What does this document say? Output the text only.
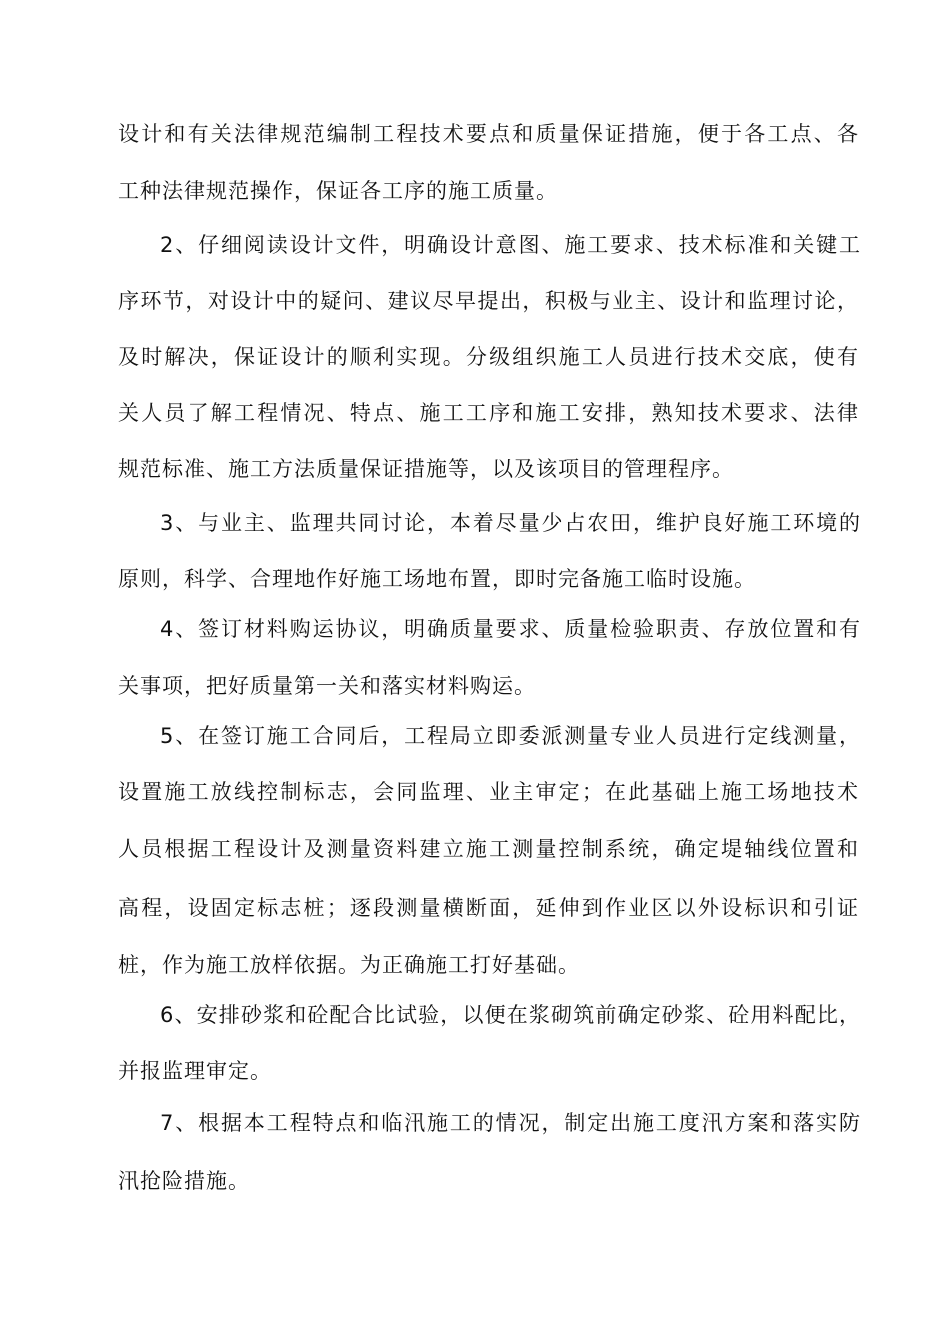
设计和有关法律规范编制工程技术要点和质量保证措施，便于各工点、各
工种法律规范操作，保证各工序的施工质量。
2、仔细阅读设计文件，明确设计意图、施工要求、技术标准和关键工
序环节，对设计中的疑问、建议尽早提出，积极与业主、设计和监理讨论，
及时解决，保证设计的顺利实现。分级组织施工人员进行技术交底，使有
关人员了解工程情况、特点、施工工序和施工安排，熟知技术要求、法律
规范标准、施工方法质量保证措施等，以及该项目的管理程序。
3、与业主、监理共同讨论，本着尽量少占农田，维护良好施工环境的
原则，科学、合理地作好施工场地布置，即时完备施工临时设施。
4、签订材料购运协议，明确质量要求、质量检验职责、存放位置和有
关事项，把好质量第一关和落实材料购运。
5、在签订施工合同后，工程局立即委派测量专业人员进行定线测量，
设置施工放线控制标志，会同监理、业主审定；在此基础上施工场地技术
人员根据工程设计及测量资料建立施工测量控制系统，确定堤轴线位置和
高程，设固定标志桩；逐段测量横断面，延伸到作业区以外设标识和引证
桩，作为施工放样依据。为正确施工打好基础。
6、安排砂浆和砼配合比试验，以便在浆砌筑前确定砂浆、砼用料配比，
并报监理审定。
7、根据本工程特点和临汛施工的情况，制定出施工度汛方案和落实防
汛抢险措施。
